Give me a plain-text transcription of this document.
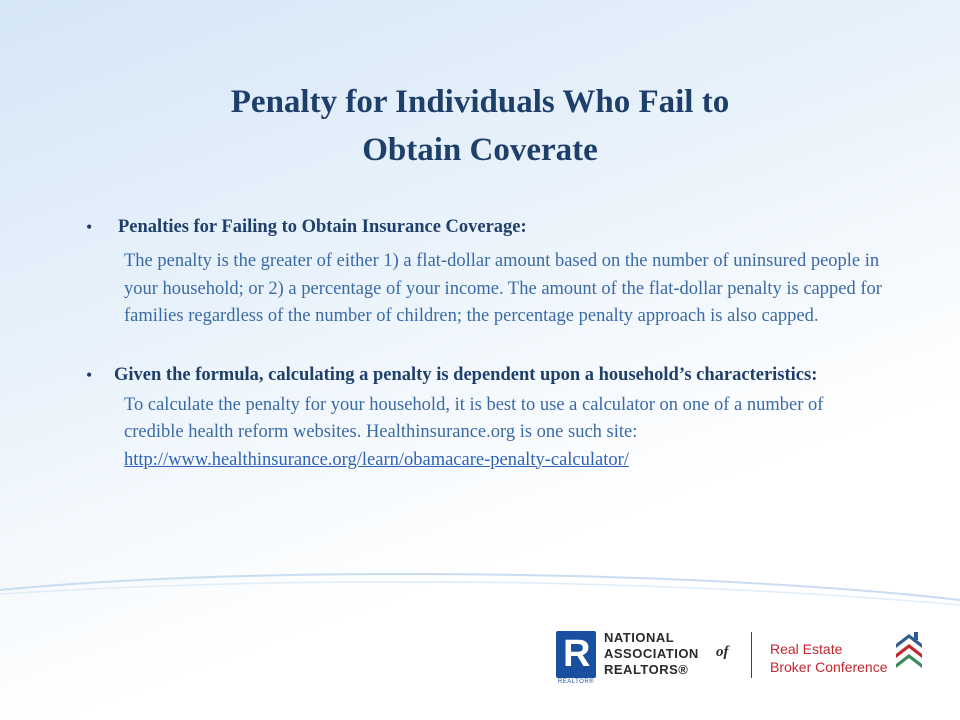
Penalty for Individuals Who Fail to
Obtain Coverate
• Penalties for Failing to Obtain Insurance Coverage:

The penalty is the greater of either 1) a flat-dollar amount based on the number of uninsured people in your household; or 2) a percentage of your income. The amount of the flat-dollar penalty is capped for families regardless of the number of children; the percentage penalty approach is also capped.

• Given the formula, calculating a penalty is dependent upon a household’s characteristics:

To calculate the penalty for your household, it is best to use a calculator on one of a number of credible health reform websites. Healthinsurance.org is one such site: http://www.healthinsurance.org/learn/obamacare-penalty-calculator/

R
REALTOR®
NATIONAL
ASSOCIATION
REALTORS®
of	Real Estate
Broker Conference
